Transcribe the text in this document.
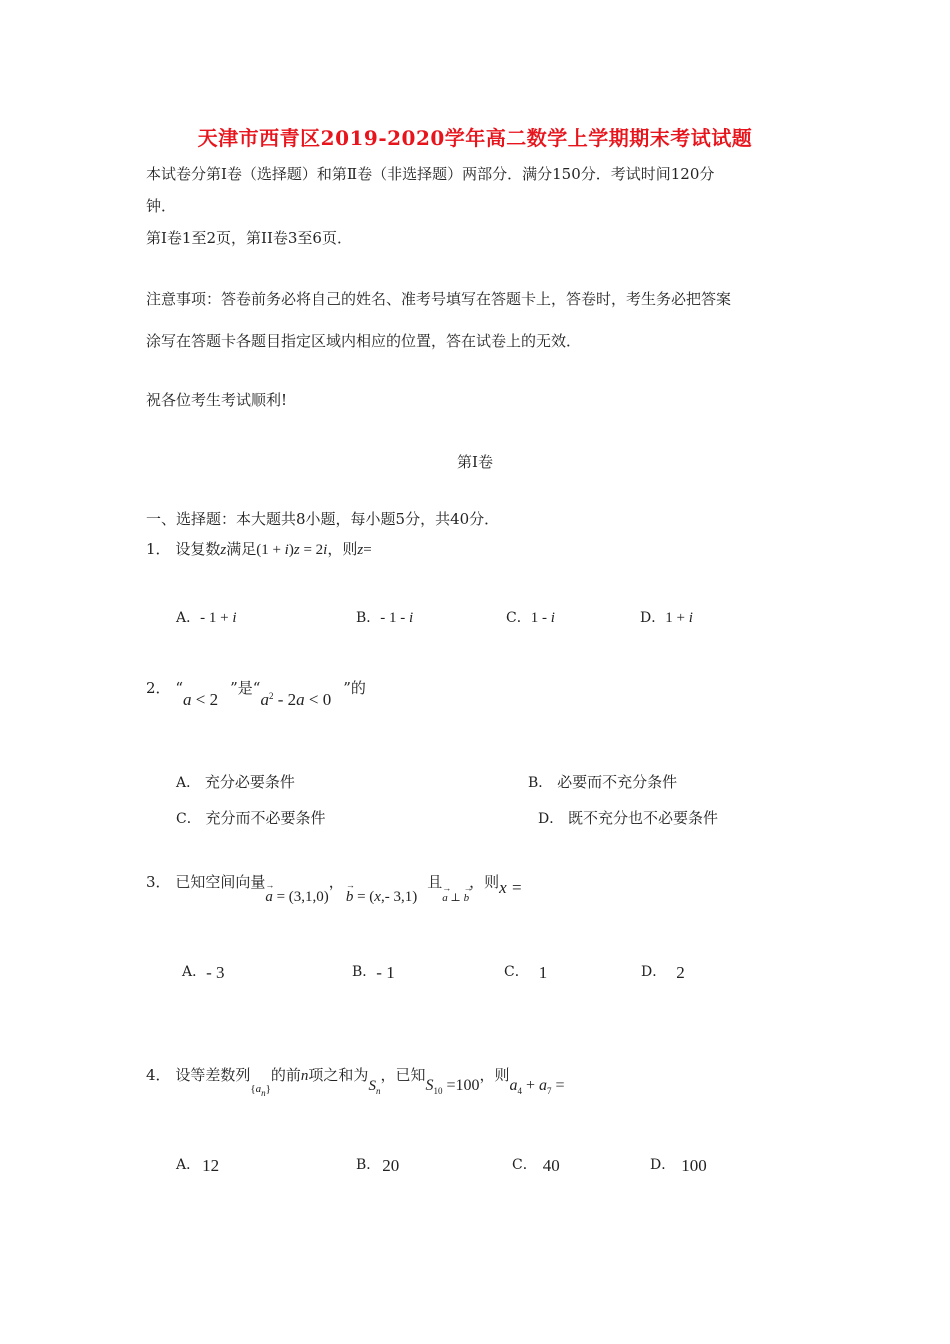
天津市西青区2019-2020学年高二数学上学期期末考试试题
本试卷分第Ⅰ卷（选择题）和第Ⅱ卷（非选择题）两部分．满分150分．考试时间120分
钟．
第Ⅰ卷1至2页，第II卷3至6页．
注意事项：答卷前务必将自己的姓名、准考号填写在答题卡上，答卷时，考生务必把答案
涂写在答题卡各题目指定区域内相应的位置，答在试卷上的无效．
祝各位考生考试顺利!
第Ⅰ卷
一、选择题：本大题共8小题，每小题5分，共40分．
1． 设复数z满足(1 + i)z = 2i，则z=
A．- 1 + i	B．- 1 - i	C．1 - i	D．1 + i
2． “a < 2”是“$a^2 - 2a < 0$”的
A． 充分必要条件	B． 必要而不充分条件
C． 充分而不必要条件	D． 既不充分也不必要条件
3． 已知空间向量→ a = (3,1,0)，→ b = (x,- 3,1)且→ a ⊥ → b，则x =
A．- 3	B．- 1	C． 1	D． 2
4． 设等差数列$\{a_n\}$的前n项之和为$S_n$，已知$S_{10} =100$，则$a_4 + a_7$ =
A． 12	B． 20	C． 40	D． 100
